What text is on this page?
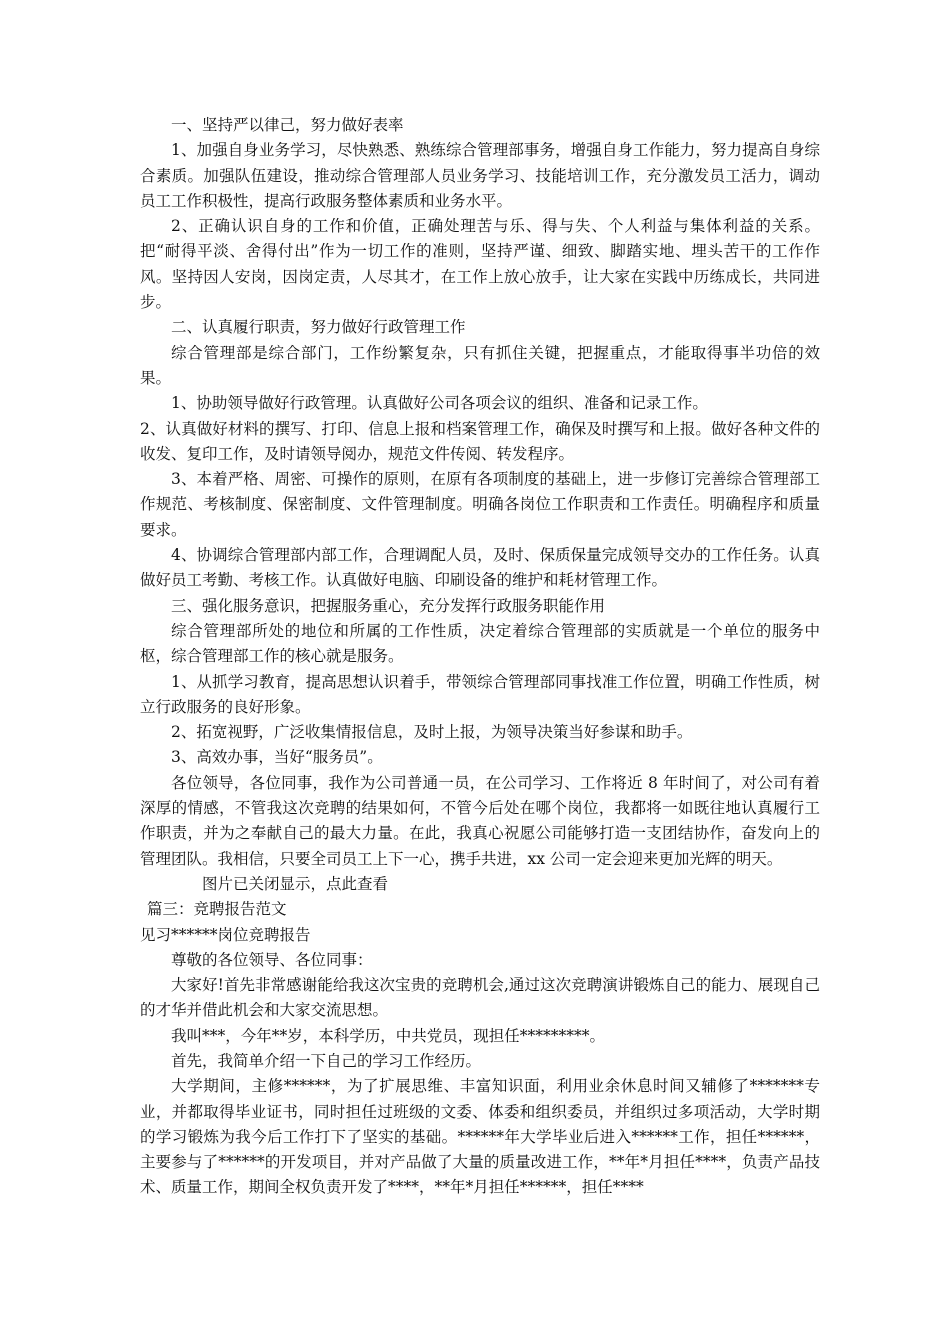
一、坚持严以律己，努力做好表率

1、加强自身业务学习，尽快熟悉、熟练综合管理部事务，增强自身工作能力，努力提高自身综合素质。加强队伍建设，推动综合管理部人员业务学习、技能培训工作，充分激发员工活力，调动员工工作积极性，提高行政服务整体素质和业务水平。

2、正确认识自身的工作和价值，正确处理苦与乐、得与失、个人利益与集体利益的关系。把“耐得平淡、舍得付出”作为一切工作的准则，坚持严谨、细致、脚踏实地、埋头苦干的工作作风。坚持因人安岗，因岗定责，人尽其才，在工作上放心放手，让大家在实践中历练成长，共同进步。

二、认真履行职责，努力做好行政管理工作

综合管理部是综合部门，工作纷繁复杂，只有抓住关键，把握重点，才能取得事半功倍的效果。

1、协助领导做好行政管理。认真做好公司各项会议的组织、准备和记录工作。

2、认真做好材料的撰写、打印、信息上报和档案管理工作，确保及时撰写和上报。做好各种文件的收发、复印工作，及时请领导阅办，规范文件传阅、转发程序。

3、本着严格、周密、可操作的原则，在原有各项制度的基础上，进一步修订完善综合管理部工作规范、考核制度、保密制度、文件管理制度。明确各岗位工作职责和工作责任。明确程序和质量要求。

4、协调综合管理部内部工作，合理调配人员，及时、保质保量完成领导交办的工作任务。认真做好员工考勤、考核工作。认真做好电脑、印刷设备的维护和耗材管理工作。

三、强化服务意识，把握服务重心，充分发挥行政服务职能作用

综合管理部所处的地位和所属的工作性质，决定着综合管理部的实质就是一个单位的服务中枢，综合管理部工作的核心就是服务。

1、从抓学习教育，提高思想认识着手，带领综合管理部同事找准工作位置，明确工作性质，树立行政服务的良好形象。

2、拓宽视野，广泛收集情报信息，及时上报，为领导决策当好参谋和助手。

3、高效办事，当好“服务员”。

各位领导，各位同事，我作为公司普通一员，在公司学习、工作将近 8 年时间了，对公司有着深厚的情感，不管我这次竞聘的结果如何，不管今后处在哪个岗位，我都将一如既往地认真履行工作职责，并为之奉献自己的最大力量。在此，我真心祝愿公司能够打造一支团结协作，奋发向上的管理团队。我相信，只要全司员工上下一心，携手共进，xx 公司一定会迎来更加光辉的明天。

图片已关闭显示，点此查看

篇三：竞聘报告范文

见习******岗位竞聘报告

尊敬的各位领导、各位同事：

大家好!首先非常感谢能给我这次宝贵的竞聘机会,通过这次竞聘演讲锻炼自己的能力、展现自己的才华并借此机会和大家交流思想。

我叫***，今年**岁，本科学历，中共党员，现担任*********。

首先，我简单介绍一下自己的学习工作经历。

大学期间，主修******，为了扩展思维、丰富知识面，利用业余休息时间又辅修了*******专业，并都取得毕业证书，同时担任过班级的文委、体委和组织委员，并组织过多项活动，大学时期的学习锻炼为我今后工作打下了坚实的基础。******年大学毕业后进入******工作，担任******，主要参与了******的开发项目，并对产品做了大量的质量改进工作，**年*月担任****，负责产品技术、质量工作，期间全权负责开发了****，**年*月担任******，担任****
